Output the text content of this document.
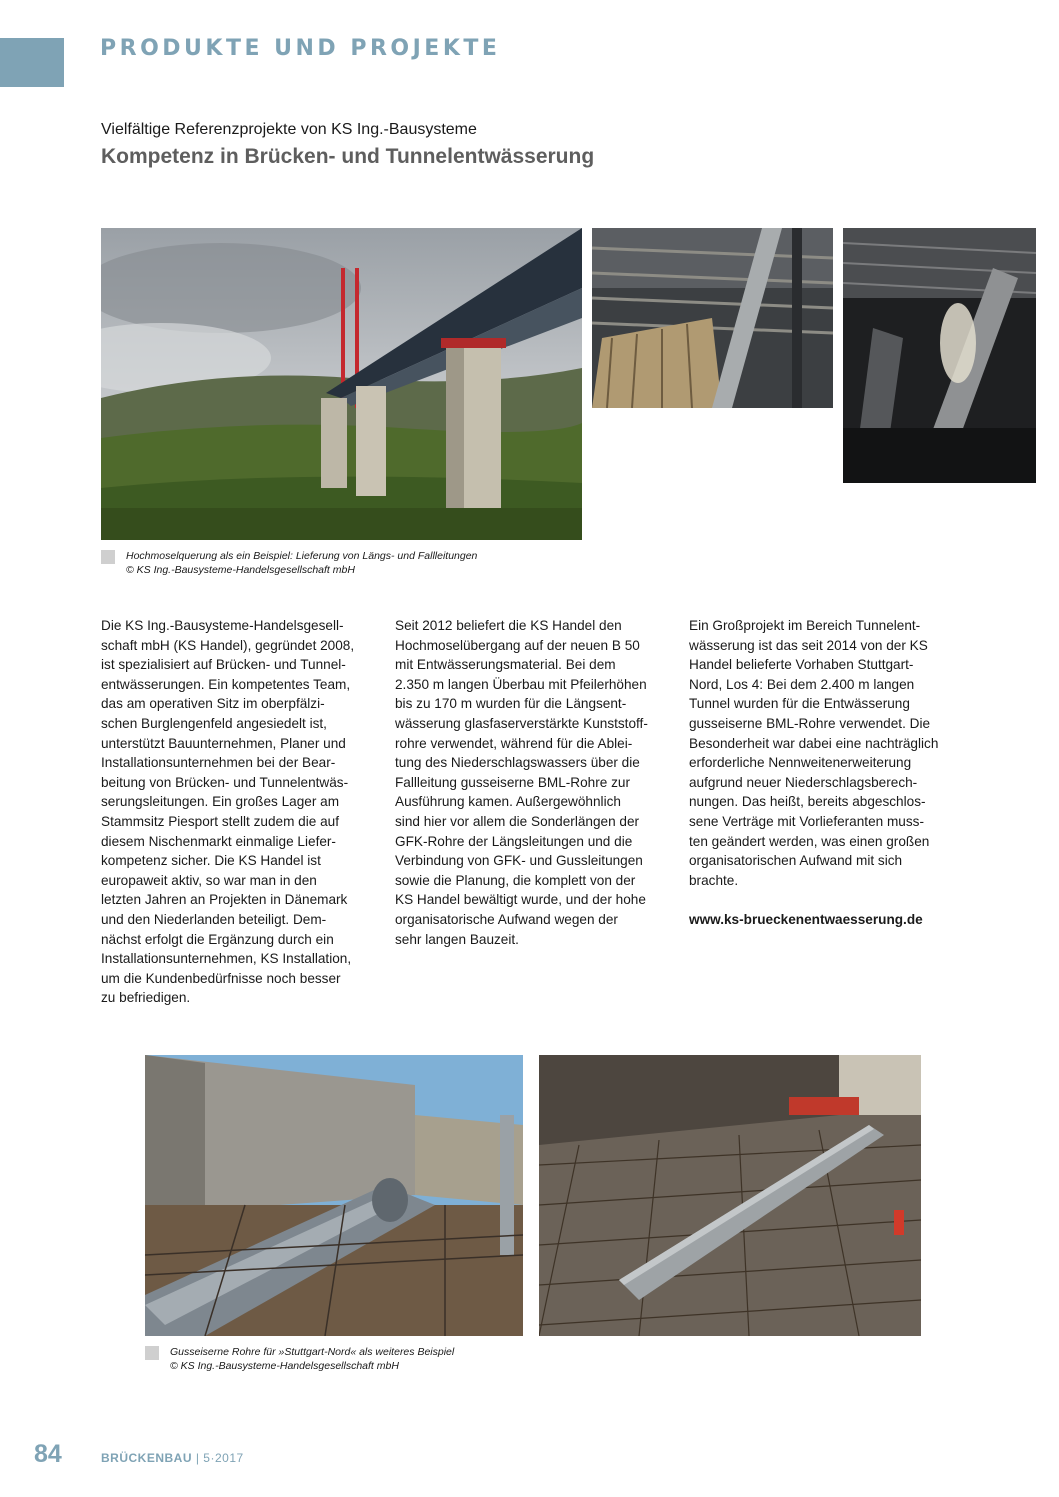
PRODUKTE UND PROJEKTE
Vielfältige Referenzprojekte von KS Ing.-Bausysteme
Kompetenz in Brücken- und Tunnelentwässerung
Hochmoselquerung als ein Beispiel: Lieferung von Längs- und Fallleitungen
© KS Ing.-Bausysteme-Handelsgesellschaft mbH

Die KS Ing.-Bausysteme-Handelsgesell-
schaft mbH (KS Handel), gegründet 2008,
ist spezialisiert auf Brücken- und Tunnel-
entwässerungen. Ein kompetentes Team,
das am operativen Sitz im oberpfälzi-
schen Burglengenfeld angesiedelt ist,
unterstützt Bauunternehmen, Planer und
Installationsunternehmen bei der Bear-
beitung von Brücken- und Tunnelentwäs-
serungsleitungen. Ein großes Lager am
Stammsitz Piesport stellt zudem die auf
diesem Nischenmarkt einmalige Liefer-
kompetenz sicher. Die KS Handel ist
europaweit aktiv, so war man in den
letzten Jahren an Projekten in Dänemark
und den Niederlanden beteiligt. Dem-
nächst erfolgt die Ergänzung durch ein
Installationsunternehmen, KS Installation,
um die Kundenbedürfnisse noch besser
zu befriedigen.

Seit 2012 beliefert die KS Handel den
Hochmoselübergang auf der neuen B 50
mit Entwässerungsmaterial. Bei dem
2.350 m langen Überbau mit Pfeilerhöhen
bis zu 170 m wurden für die Längsent-
wässerung glasfaserverstärkte Kunststoff-
rohre verwendet, während für die Ablei-
tung des Niederschlagswassers über die
Fallleitung gusseiserne BML-Rohre zur
Ausführung kamen. Außergewöhnlich
sind hier vor allem die Sonderlängen der
GFK-Rohre der Längsleitungen und die
Verbindung von GFK- und Gussleitungen
sowie die Planung, die komplett von der
KS Handel bewältigt wurde, und der hohe
organisatorische Aufwand wegen der
sehr langen Bauzeit.

Ein Großprojekt im Bereich Tunnelent-
wässerung ist das seit 2014 von der KS
Handel belieferte Vorhaben Stuttgart-
Nord, Los 4: Bei dem 2.400 m langen
Tunnel wurden für die Entwässerung
gusseiserne BML-Rohre verwendet. Die
Besonderheit war dabei eine nachträglich
erforderliche Nennweitenerweiterung
aufgrund neuer Niederschlagsberech-
nungen. Das heißt, bereits abgeschlos-
sene Verträge mit Vorlieferanten muss-
ten geändert werden, was einen großen
organisatorischen Aufwand mit sich
brachte.

www.ks-brueckenentwaesserung.de

Gusseiserne Rohre für »Stuttgart-Nord« als weiteres Beispiel
© KS Ing.-Bausysteme-Handelsgesellschaft mbH
84	BRÜCKENBAU | 5·2017
